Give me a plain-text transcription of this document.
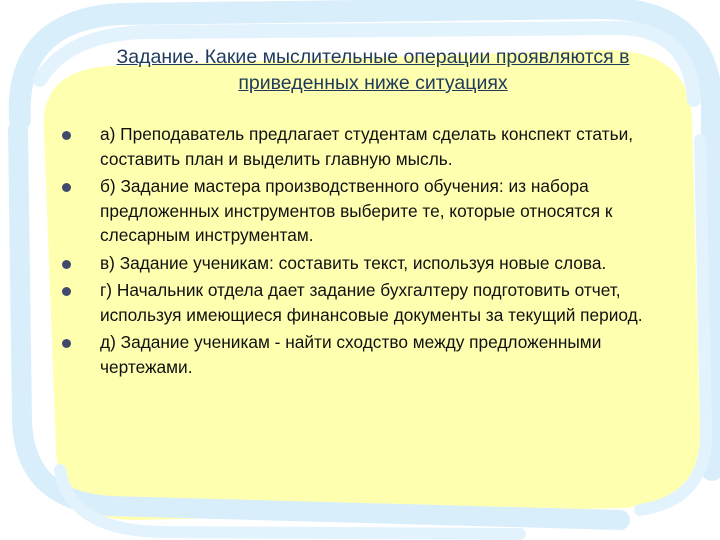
Задание. Какие мыслительные операции проявляются в приведенных ниже ситуациях
а) Преподаватель предлагает студентам сделать конспект статьи, составить план и выделить главную мысль.
б) Задание мастера производственного обучения: из набора предложенных инструментов выберите те, которые относятся к слесарным инструментам.
в) Задание ученикам: составить текст, используя новые слова.
г) Начальник отдела дает задание бухгалтеру подготовить отчет, используя имеющиеся финансовые документы за текущий период.
д) Задание ученикам - найти сходство между предложенными чертежами.
